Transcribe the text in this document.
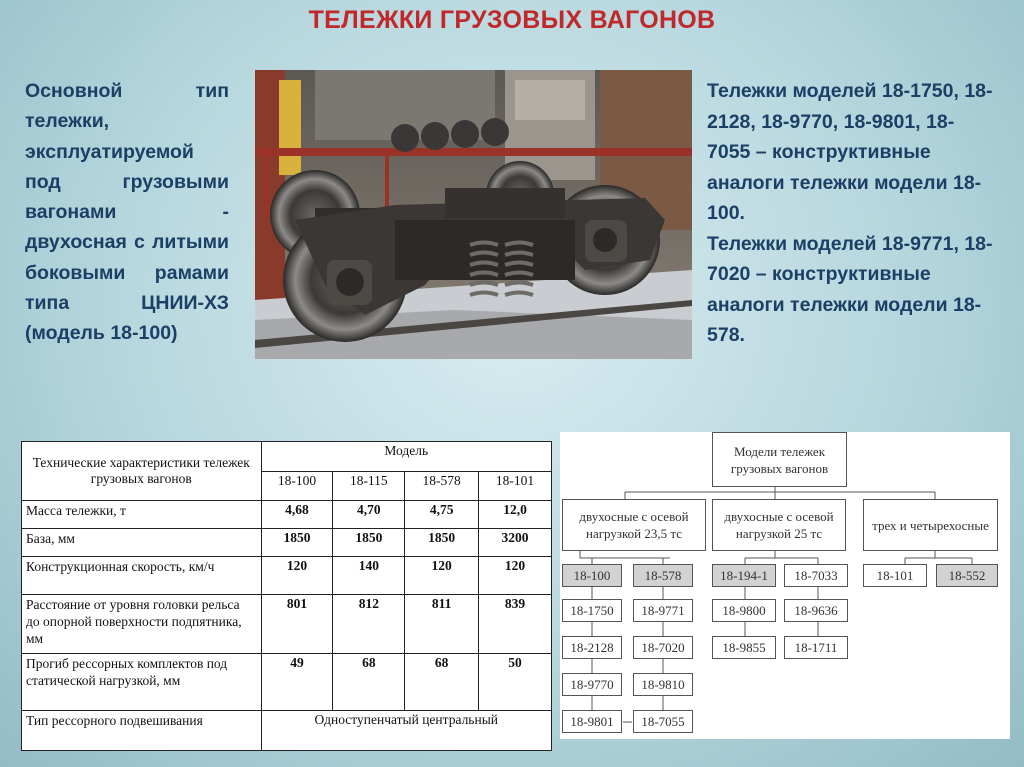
ТЕЛЕЖКИ ГРУЗОВЫХ ВАГОНОВ
Основной тип тележки, эксплуатируемой под грузовыми вагонами - двухосная с литыми боковыми рамами типа ЦНИИ-ХЗ (модель 18-100)
Тележки моделей 18-1750, 18-2128, 18-9770, 18-9801, 18-7055 – конструктивные аналоги тележки модели 18-100.
Тележки моделей 18-9771, 18-7020 – конструктивные аналоги тележки модели 18-578.
Технические характеристики тележек грузовых вагонов	Модель			
	18-100	18-115	18-578	18-101
Масса тележки, т	4,68	4,70	4,75	12,0
База, мм	1850	1850	1850	3200
Конструкционная скорость, км/ч	120	140	120	120
Расстояние от уровня головки рельса до опорной поверхности подпятника, мм	801	812	811	839
Прогиб рессорных комплектов под статической нагрузкой, мм	49	68	68	50
Тип рессорного подвешивания	Одноступенчатый центральный			
Модели тележек грузовых вагонов
двухосные с осевой нагрузкой 23,5 тс
двухосные с осевой нагрузкой 25 тс
трех и четырехосные
18-100
18-1750
18-2128
18-9770
18-9801
18-578
18-9771
18-7020
18-9810
18-7055
18-194-1
18-9800
18-9855
18-7033
18-9636
18-1711
18-101	18-552
